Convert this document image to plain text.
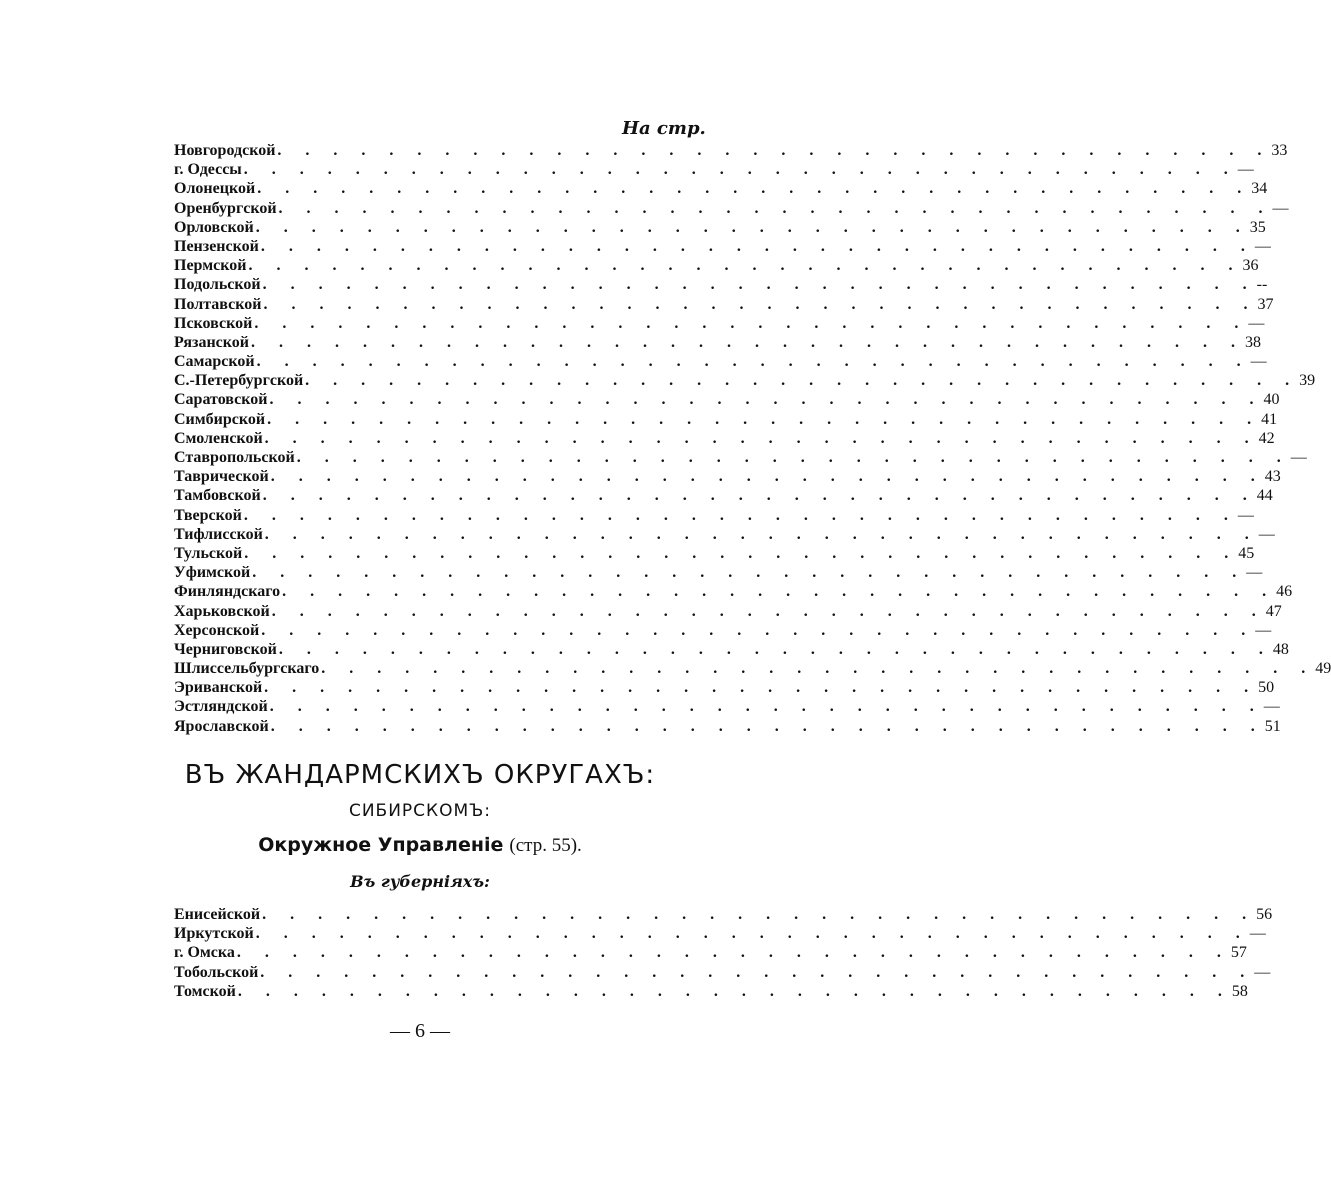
На стр.
Новгородской . . . . . . . . . . . . . . . . . . . . . . . . . . . . . . . . . . . . 33
г. Одессы . . . . . . . . . . . . . . . . . . . . . . . . . . . . . . . . . . . . —
Олонецкой . . . . . . . . . . . . . . . . . . . . . . . . . . . . . . . . . . . . 34
Оренбургской . . . . . . . . . . . . . . . . . . . . . . . . . . . . . . . . . . . . —
Орловской . . . . . . . . . . . . . . . . . . . . . . . . . . . . . . . . . . . . 35
Пензенской . . . . . . . . . . . . . . . . . . . . . . . . . . . . . . . . . . . . —
Пермской . . . . . . . . . . . . . . . . . . . . . . . . . . . . . . . . . . . . 36
Подольской . . . . . . . . . . . . . . . . . . . . . . . . . . . . . . . . . . . . --
Полтавской . . . . . . . . . . . . . . . . . . . . . . . . . . . . . . . . . . . . 37
Псковской . . . . . . . . . . . . . . . . . . . . . . . . . . . . . . . . . . . . —
Рязанской . . . . . . . . . . . . . . . . . . . . . . . . . . . . . . . . . . . . 38
Самарской . . . . . . . . . . . . . . . . . . . . . . . . . . . . . . . . . . . . —
С.-Петербургской . . . . . . . . . . . . . . . . . . . . . . . . . . . . . . . . . . . . 39
Саратовской . . . . . . . . . . . . . . . . . . . . . . . . . . . . . . . . . . . . 40
Симбирской . . . . . . . . . . . . . . . . . . . . . . . . . . . . . . . . . . . . 41
Смоленской . . . . . . . . . . . . . . . . . . . . . . . . . . . . . . . . . . . . 42
Ставропольской . . . . . . . . . . . . . . . . . . . . . . . . . . . . . . . . . . . . —
Таврической . . . . . . . . . . . . . . . . . . . . . . . . . . . . . . . . . . . . 43
Тамбовской . . . . . . . . . . . . . . . . . . . . . . . . . . . . . . . . . . . . 44
Тверской . . . . . . . . . . . . . . . . . . . . . . . . . . . . . . . . . . . . —
Тифлисской . . . . . . . . . . . . . . . . . . . . . . . . . . . . . . . . . . . . —
Тульской . . . . . . . . . . . . . . . . . . . . . . . . . . . . . . . . . . . . 45
Уфимской . . . . . . . . . . . . . . . . . . . . . . . . . . . . . . . . . . . . —
Финляндскаго . . . . . . . . . . . . . . . . . . . . . . . . . . . . . . . . . . . . 46
Харьковской . . . . . . . . . . . . . . . . . . . . . . . . . . . . . . . . . . . . 47
Херсонской . . . . . . . . . . . . . . . . . . . . . . . . . . . . . . . . . . . . —
Черниговской . . . . . . . . . . . . . . . . . . . . . . . . . . . . . . . . . . . . 48
Шлиссельбургскаго . . . . . . . . . . . . . . . . . . . . . . . . . . . . . . . . . . . . 49
Эриванской . . . . . . . . . . . . . . . . . . . . . . . . . . . . . . . . . . . . 50
Эстляндской . . . . . . . . . . . . . . . . . . . . . . . . . . . . . . . . . . . . —
Ярославской . . . . . . . . . . . . . . . . . . . . . . . . . . . . . . . . . . . . 51
ВЪ ЖАНДАРМСКИХЪ ОКРУГАХЪ:
СИБИРСКОМЪ:
Окружное Управленіе (стр. 55).
Въ губерніяхъ:
Енисейской . . . . . . . . . . . . . . . . . . . . . . . . . . . . . . . . . . . . 56
Иркутской . . . . . . . . . . . . . . . . . . . . . . . . . . . . . . . . . . . . —
г. Омска . . . . . . . . . . . . . . . . . . . . . . . . . . . . . . . . . . . . 57
Тобольской . . . . . . . . . . . . . . . . . . . . . . . . . . . . . . . . . . . . —
Томской . . . . . . . . . . . . . . . . . . . . . . . . . . . . . . . . . . . . 58
— 6 —
